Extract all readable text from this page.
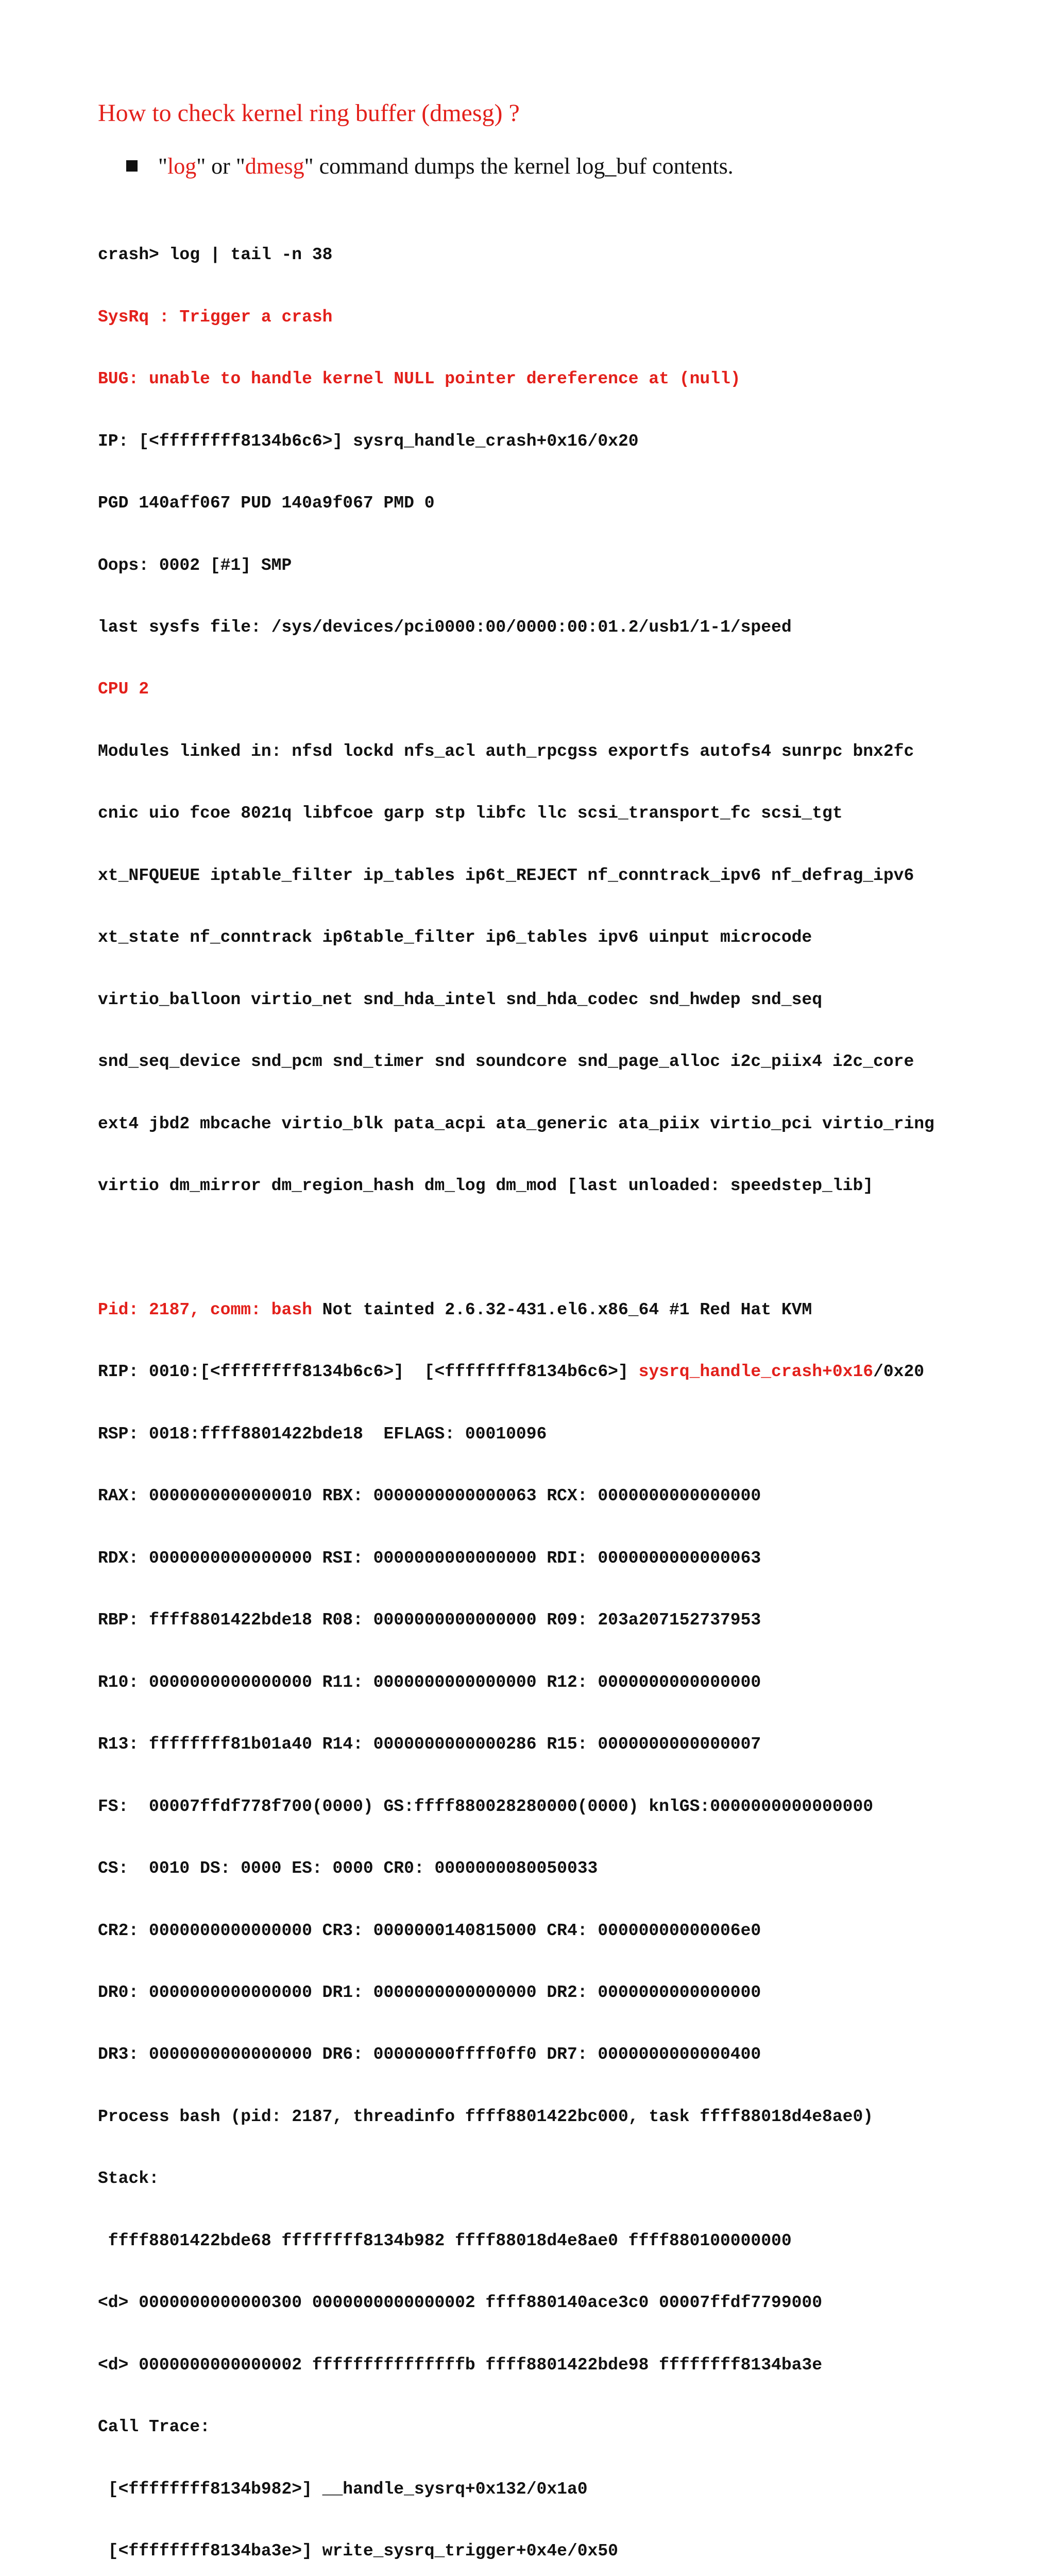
How to check kernel ring buffer (dmesg) ?

"log" or "dmesg" command dumps the kernel log_buf contents.

crash> log | tail -n 38

SysRq : Trigger a crash

BUG: unable to handle kernel NULL pointer dereference at (null)

IP: [<ffffffff8134b6c6>] sysrq_handle_crash+0x16/0x20

PGD 140aff067 PUD 140a9f067 PMD 0

Oops: 0002 [#1] SMP

last sysfs file: /sys/devices/pci0000:00/0000:00:01.2/usb1/1-1/speed

CPU 2

Modules linked in: nfsd lockd nfs_acl auth_rpcgss exportfs autofs4 sunrpc bnx2fc

cnic uio fcoe 8021q libfcoe garp stp libfc llc scsi_transport_fc scsi_tgt

xt_NFQUEUE iptable_filter ip_tables ip6t_REJECT nf_conntrack_ipv6 nf_defrag_ipv6

xt_state nf_conntrack ip6table_filter ip6_tables ipv6 uinput microcode

virtio_balloon virtio_net snd_hda_intel snd_hda_codec snd_hwdep snd_seq

snd_seq_device snd_pcm snd_timer snd soundcore snd_page_alloc i2c_piix4 i2c_core

ext4 jbd2 mbcache virtio_blk pata_acpi ata_generic ata_piix virtio_pci virtio_ring

virtio dm_mirror dm_region_hash dm_log dm_mod [last unloaded: speedstep_lib]

Pid: 2187, comm: bash Not tainted 2.6.32-431.el6.x86_64 #1 Red Hat KVM

RIP: 0010:[<ffffffff8134b6c6>]  [<ffffffff8134b6c6>] sysrq_handle_crash+0x16/0x20

RSP: 0018:ffff8801422bde18  EFLAGS: 00010096

RAX: 0000000000000010 RBX: 0000000000000063 RCX: 0000000000000000

RDX: 0000000000000000 RSI: 0000000000000000 RDI: 0000000000000063

RBP: ffff8801422bde18 R08: 0000000000000000 R09: 203a207152737953

R10: 0000000000000000 R11: 0000000000000000 R12: 0000000000000000

R13: ffffffff81b01a40 R14: 0000000000000286 R15: 0000000000000007

FS:  00007ffdf778f700(0000) GS:ffff880028280000(0000) knlGS:0000000000000000

CS:  0010 DS: 0000 ES: 0000 CR0: 0000000080050033

CR2: 0000000000000000 CR3: 0000000140815000 CR4: 00000000000006e0

DR0: 0000000000000000 DR1: 0000000000000000 DR2: 0000000000000000

DR3: 0000000000000000 DR6: 00000000ffff0ff0 DR7: 0000000000000400

Process bash (pid: 2187, threadinfo ffff8801422bc000, task ffff88018d4e8ae0)

Stack:

ffff8801422bde68 ffffffff8134b982 ffff88018d4e8ae0 ffff880100000000

<d> 0000000000000300 0000000000000002 ffff880140ace3c0 00007ffdf7799000

<d> 0000000000000002 fffffffffffffffb ffff8801422bde98 ffffffff8134ba3e

Call Trace:

[<ffffffff8134b982>] __handle_sysrq+0x132/0x1a0

[<ffffffff8134ba3e>] write_sysrq_trigger+0x4e/0x50
